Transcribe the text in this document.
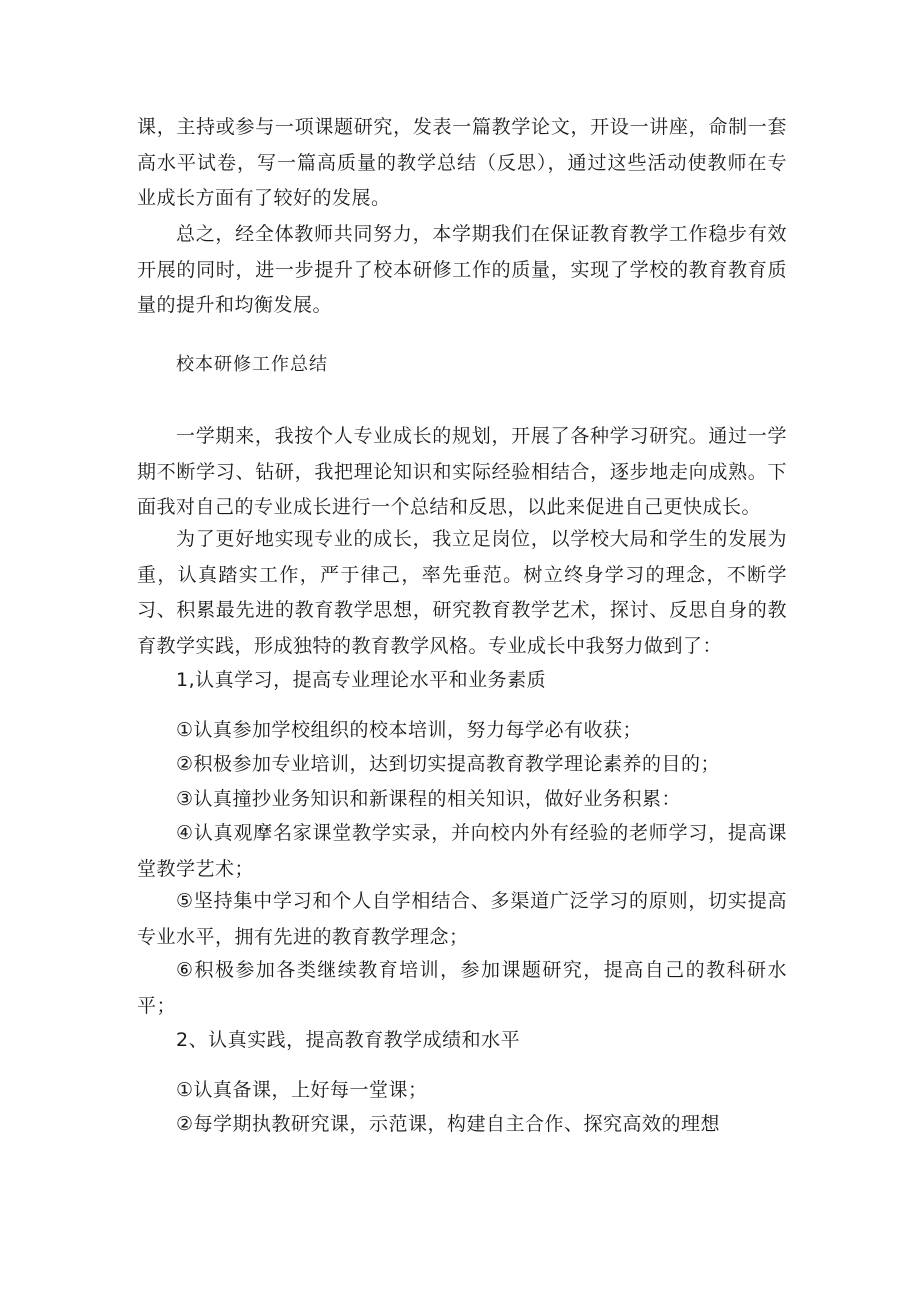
课，主持或参与一项课题研究，发表一篇教学论文，开设一讲座，命制一套高水平试卷，写一篇高质量的教学总结（反思），通过这些活动使教师在专业成长方面有了较好的发展。

总之，经全体教师共同努力，本学期我们在保证教育教学工作稳步有效开展的同时，进一步提升了校本研修工作的质量，实现了学校的教育教育质量的提升和均衡发展。

校本研修工作总结

一学期来，我按个人专业成长的规划，开展了各种学习研究。通过一学期不断学习、钻研，我把理论知识和实际经验相结合，逐步地走向成熟。下面我对自己的专业成长进行一个总结和反思，以此来促进自己更快成长。

为了更好地实现专业的成长，我立足岗位，以学校大局和学生的发展为重，认真踏实工作，严于律己，率先垂范。树立终身学习的理念，不断学习、积累最先进的教育教学思想，研究教育教学艺术，探讨、反思自身的教育教学实践，形成独特的教育教学风格。专业成长中我努力做到了：

1,认真学习，提高专业理论水平和业务素质

①认真参加学校组织的校本培训，努力每学必有收获；

②积极参加专业培训，达到切实提高教育教学理论素养的目的；

③认真撞抄业务知识和新课程的相关知识，做好业务积累：

④认真观摩名家课堂教学实录，并向校内外有经验的老师学习，提高课堂教学艺术；

⑤坚持集中学习和个人自学相结合、多渠道广泛学习的原则，切实提高专业水平，拥有先进的教育教学理念；

⑥积极参加各类继续教育培训，参加课题研究，提高自己的教科研水平；

2、认真实践，提高教育教学成绩和水平

①认真备课，上好每一堂课；

②每学期执教研究课，示范课，构建自主合作、探究高效的理想
